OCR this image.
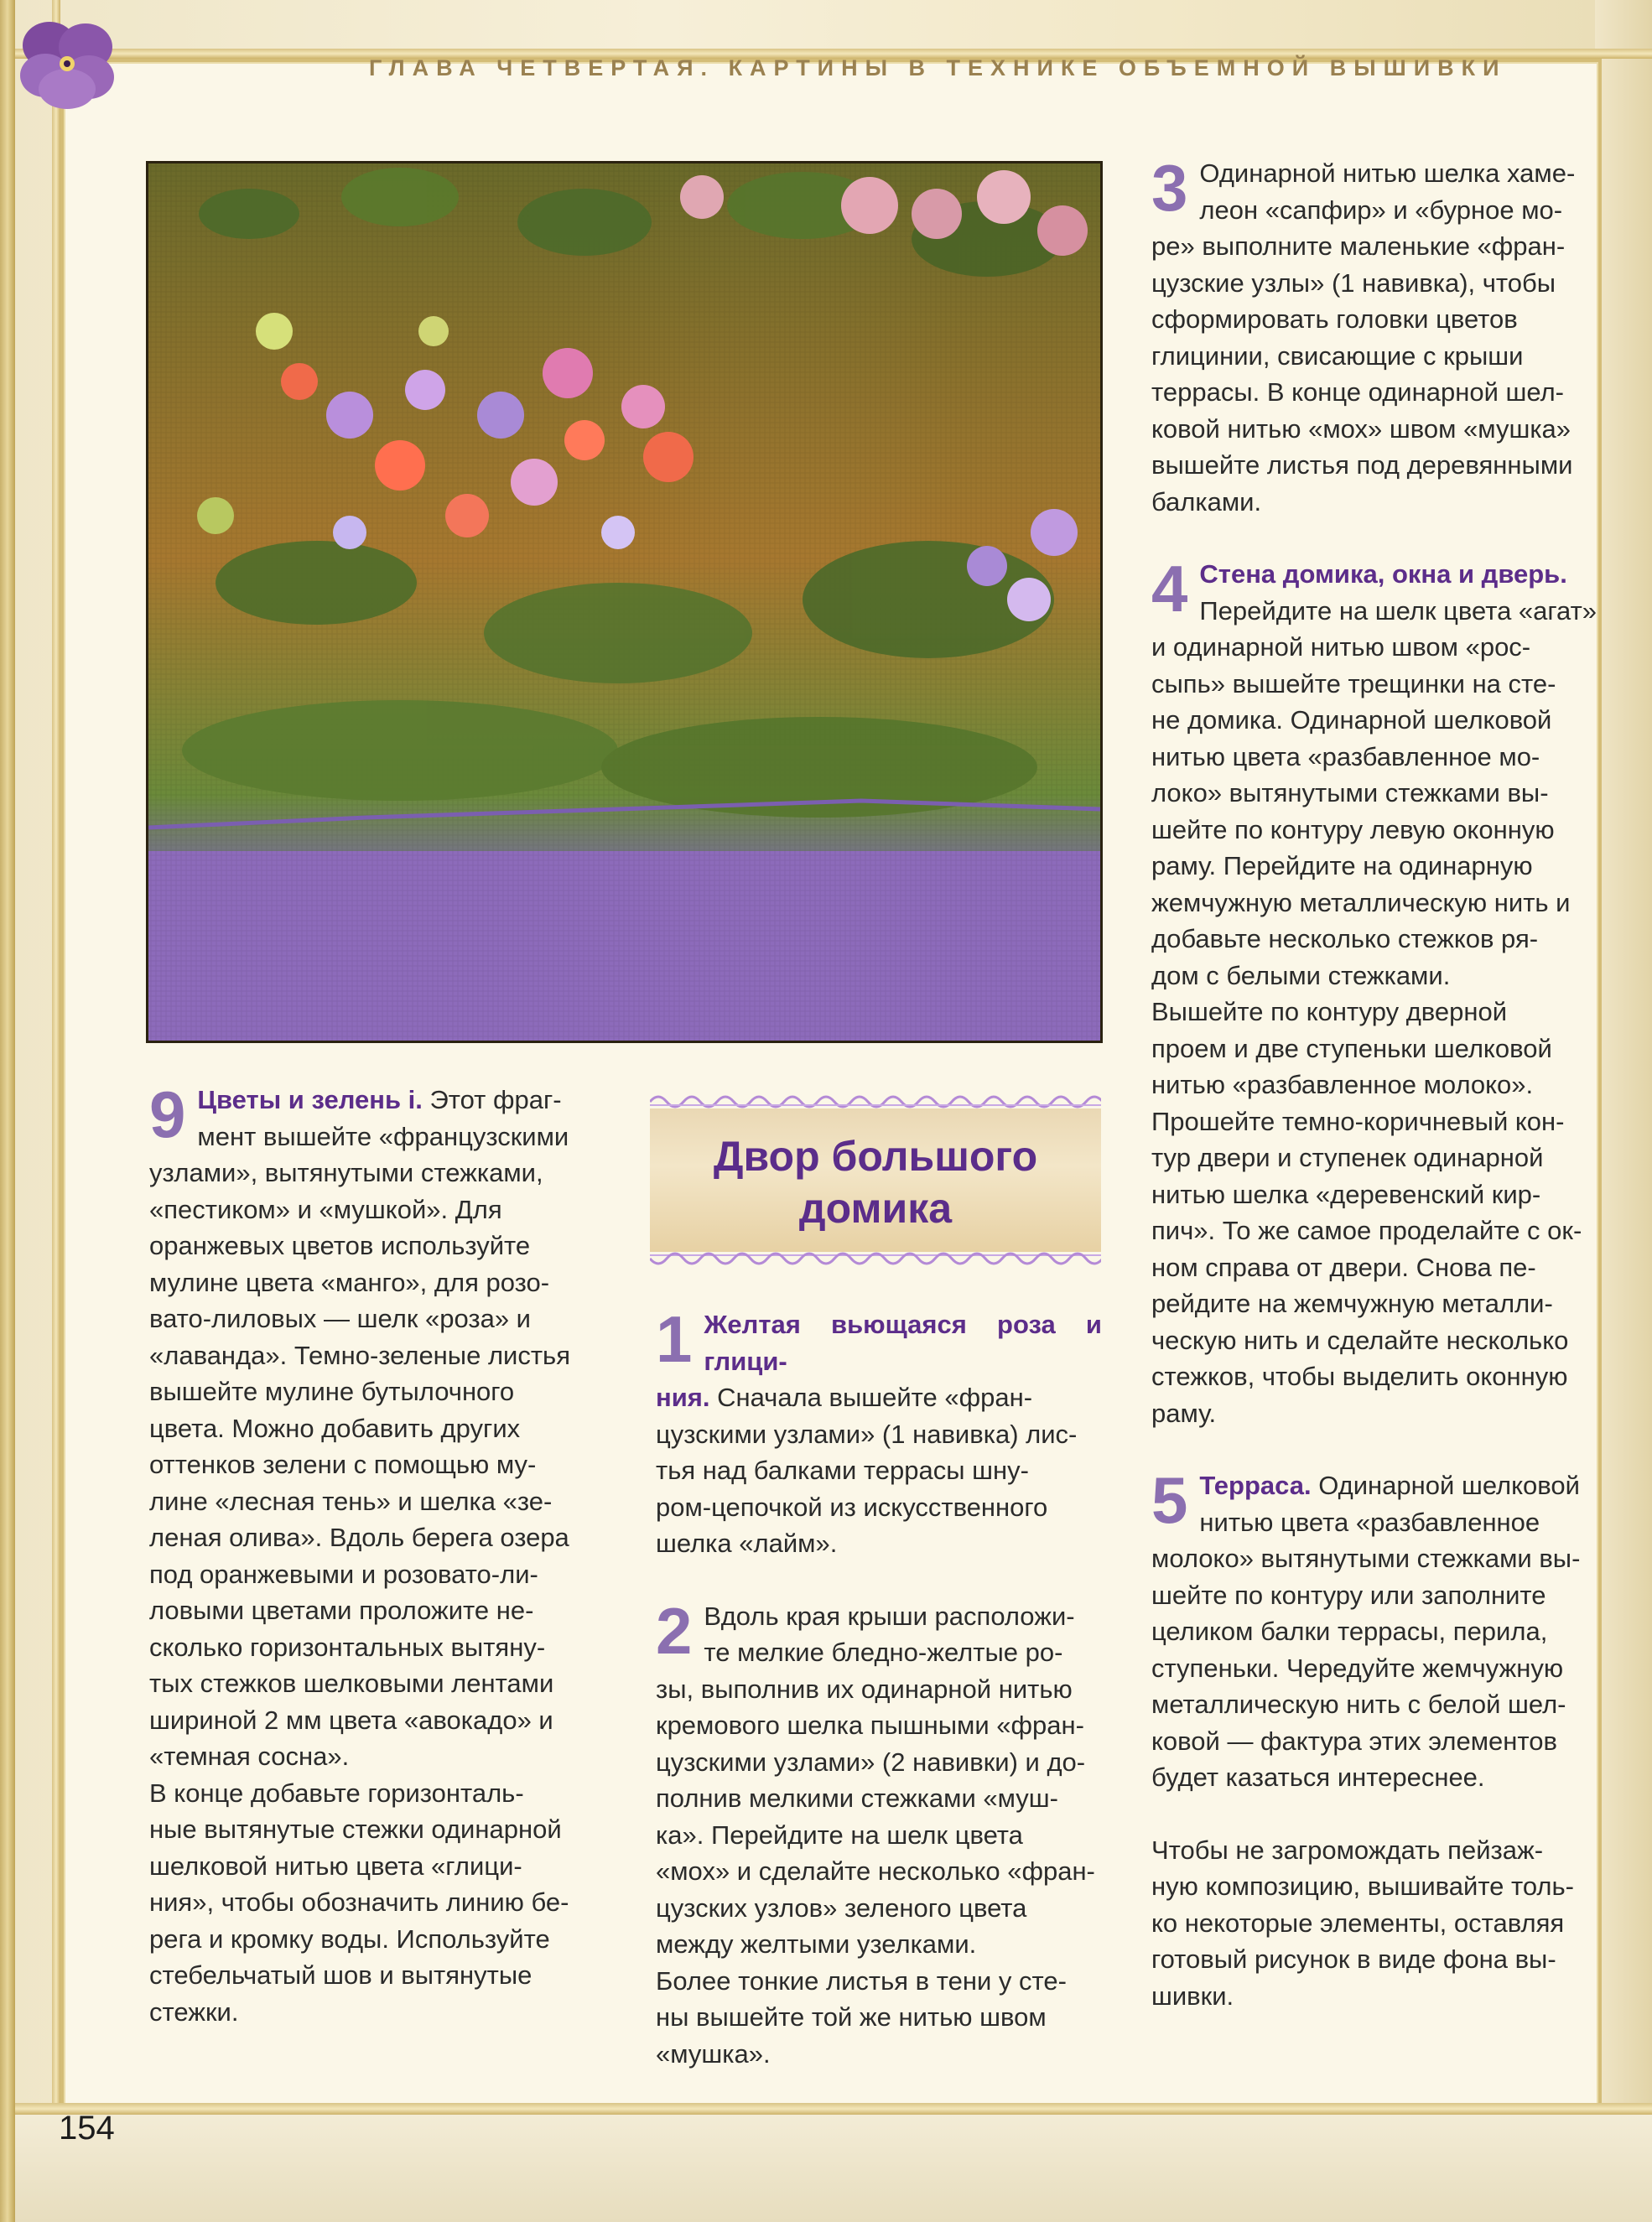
ГЛАВА ЧЕТВЕРТАЯ. КАРТИНЫ В ТЕХНИКЕ ОБЪЕМНОЙ ВЫШИВКИ

9 Цветы и зелень i. Этот фраг-
мент вышейте «французскими
узлами», вытянутыми стежками,
«пестиком» и «мушкой». Для
оранжевых цветов используйте
мулине цвета «манго», для розо-
вато-лиловых — шелк «роза» и
«лаванда». Темно-зеленые листья
вышейте мулине бутылочного
цвета. Можно добавить других
оттенков зелени с помощью му-
лине «лесная тень» и шелка «зе-
леная олива». Вдоль берега озера
под оранжевыми и розовато-ли-
ловыми цветами проложите не-
сколько горизонтальных вытяну-
тых стежков шелковыми лентами
шириной 2 мм цвета «авокадо» и
«темная сосна».

В конце добавьте горизонталь-
ные вытянутые стежки одинарной
шелковой нитью цвета «глици-
ния», чтобы обозначить линию бе-
рега и кромку воды. Используйте
стебельчатый шов и вытянутые
стежки.

Двор большого
домика

1 Желтая вьющаяся роза и глици-
ния. Сначала вышейте «фран-
цузскими узлами» (1 навивка) лис-
тья над балками террасы шну-
ром-цепочкой из искусственного
шелка «лайм».

2 Вдоль края крыши расположи-
те мелкие бледно-желтые ро-
зы, выполнив их одинарной нитью
кремового шелка пышными «фран-
цузскими узлами» (2 навивки) и до-
полнив мелкими стежками «муш-
ка». Перейдите на шелк цвета
«мох» и сделайте несколько «фран-
цузских узлов» зеленого цвета
между желтыми узелками.

Более тонкие листья в тени у сте-
ны вышейте той же нитью швом
«мушка».

3 Одинарной нитью шелка хаме-
леон «сапфир» и «бурное мо-
ре» выполните маленькие «фран-
цузские узлы» (1 навивка), чтобы
сформировать головки цветов
глицинии, свисающие с крыши
террасы. В конце одинарной шел-
ковой нитью «мох» швом «мушка»
вышейте листья под деревянными
балками.

4 Стена домика, окна и дверь.
Перейдите на шелк цвета «агат»
и одинарной нитью швом «рос-
сыпь» вышейте трещинки на сте-
не домика. Одинарной шелковой
нитью цвета «разбавленное мо-
локо» вытянутыми стежками вы-
шейте по контуру левую оконную
раму. Перейдите на одинарную
жемчужную металлическую нить и
добавьте несколько стежков ря-
дом с белыми стежками.

Вышейте по контуру дверной
проем и две ступеньки шелковой
нитью «разбавленное молоко».
Прошейте темно-коричневый кон-
тур двери и ступенек одинарной
нитью шелка «деревенский кир-
пич». То же самое проделайте с ок-
ном справа от двери. Снова пе-
рейдите на жемчужную металли-
ческую нить и сделайте несколько
стежков, чтобы выделить оконную
раму.

5 Терраса. Одинарной шелковой
нитью цвета «разбавленное
молоко» вытянутыми стежками вы-
шейте по контуру или заполните
целиком балки террасы, перила,
ступеньки. Чередуйте жемчужную
металлическую нить с белой шел-
ковой — фактура этих элементов
будет казаться интереснее.

Чтобы не загромождать пейзаж-
ную композицию, вышивайте толь-
ко некоторые элементы, оставляя
готовый рисунок в виде фона вы-
шивки.

154
